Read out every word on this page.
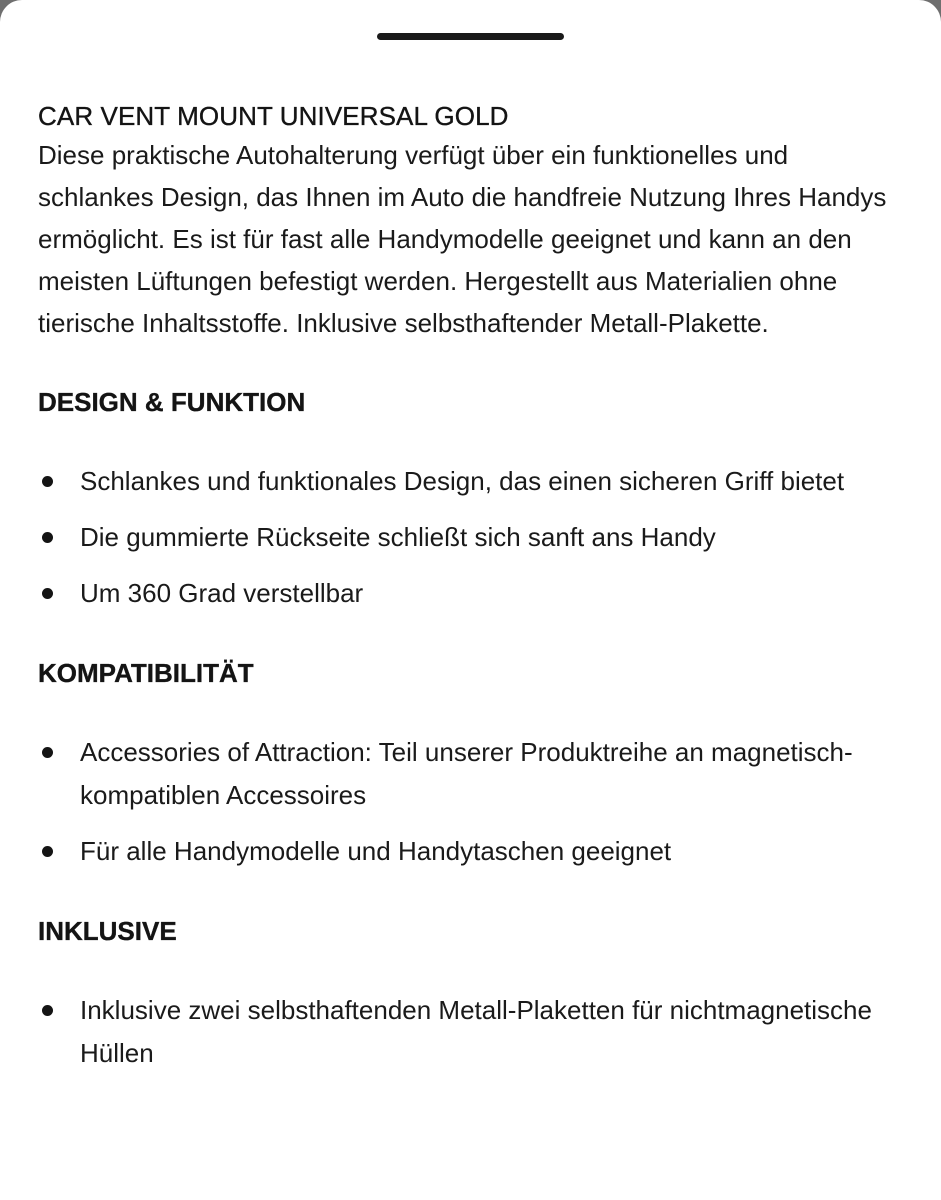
CAR VENT MOUNT UNIVERSAL GOLD

Diese praktische Autohalterung verfügt über ein funktionelles und schlankes Design, das Ihnen im Auto die handfreie Nutzung Ihres Handys ermöglicht. Es ist für fast alle Handymodelle geeignet und kann an den meisten Lüftungen befestigt werden. Hergestellt aus Materialien ohne tierische Inhaltsstoffe. Inklusive selbsthaftender Metall-Plakette.

DESIGN & FUNKTION
Schlankes und funktionales Design, das einen sicheren Griff bietet
Die gummierte Rückseite schließt sich sanft ans Handy
Um 360 Grad verstellbar
KOMPATIBILITÄT
Accessories of Attraction: Teil unserer Produktreihe an magnetisch-kompatiblen Accessoires
Für alle Handymodelle und Handytaschen geeignet
INKLUSIVE
Inklusive zwei selbsthaftenden Metall-Plaketten für nichtmagnetische Hüllen
